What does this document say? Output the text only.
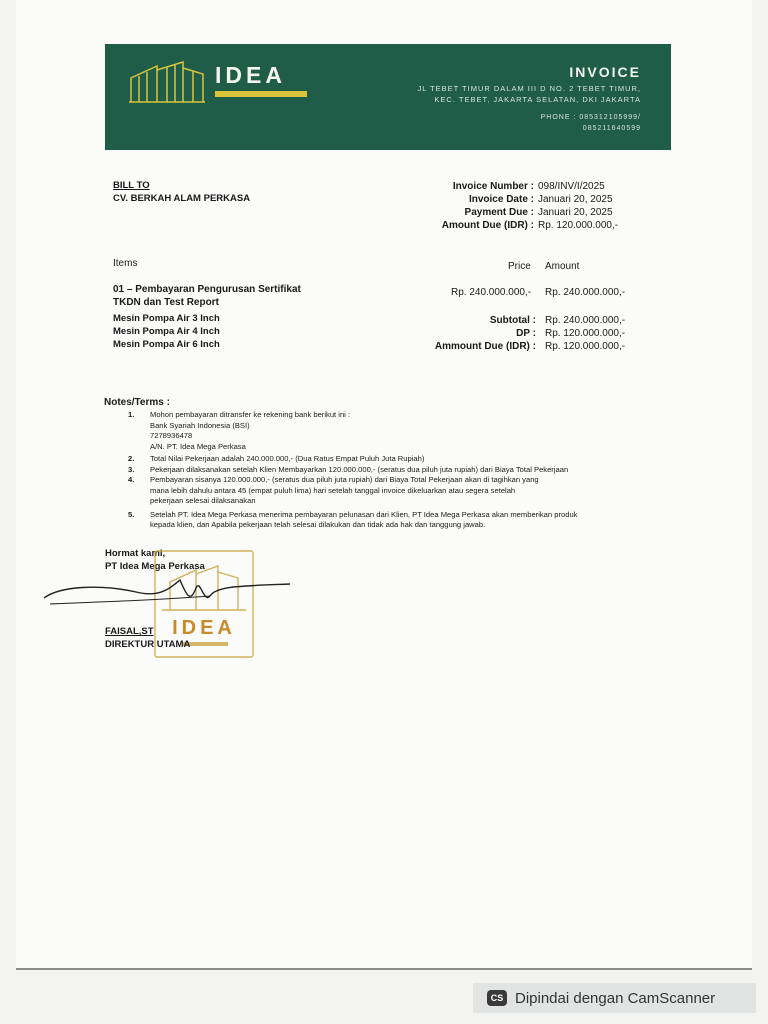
IDEA	INVOICE
JL TEBET TIMUR DALAM III D NO. 2 TEBET TIMUR,
KEC. TEBET, JAKARTA SELATAN, DKI JAKARTA
PHONE : 085312105999/
085211640599
BILL TO
CV. BERKAH ALAM PERKASA
Invoice Number : 098/INV/I/2025
Invoice Date : Januari 20, 2025
Payment Due : Januari 20, 2025
Amount Due (IDR) : Rp. 120.000.000,-
Items	Price Amount
01 – Pembayaran Pengurusan Sertifikat
TKDN dan Test Report
Rp. 240.000.000,- Rp. 240.000.000,-
Mesin Pompa Air 3 Inch
Mesin Pompa Air 4 Inch
Mesin Pompa Air 6 Inch
Subtotal : Rp. 240.000.000,-
DP : Rp. 120.000.000,-
Ammount Due (IDR) : Rp. 120.000.000,-
Notes/Terms :
1. Mohon pembayaran ditransfer ke rekening bank berikut ini :
Bank Syariah Indonesia (BSI)
7278936478
A/N. PT. Idea Mega Perkasa
2. Total Nilai Pekerjaan adalah 240.000.000,- (Dua Ratus Empat Puluh Juta Rupiah)
3. Pekerjaan dilaksanakan setelah Klien Membayarkan 120.000.000,- (seratus dua piluh juta rupiah) dari Biaya Total Pekerjaan
4. Pembayaran sisanya 120.000.000,- (seratus dua piluh juta rupiah) dari Biaya Total Pekerjaan akan di tagihkan yang
mana lebih dahulu antara 45 (empat puluh lima) hari setelah tanggal invoice dikeluarkan atau segera setelah
pekerjaan selesai dilaksanakan
5. Setelah PT. Idea Mega Perkasa menerima pembayaran pelunasan dari Klien, PT Idea Mega Perkasa akan memberikan produk
kepada klien, dan Apabila pekerjaan telah selesai dilakukan dan tidak ada hak dan tanggung jawab.
Hormat kami,
PT Idea Mega Perkasa
IDEA
FAISAL,ST
DIREKTUR UTAMA
CS Dipindai dengan CamScanner
